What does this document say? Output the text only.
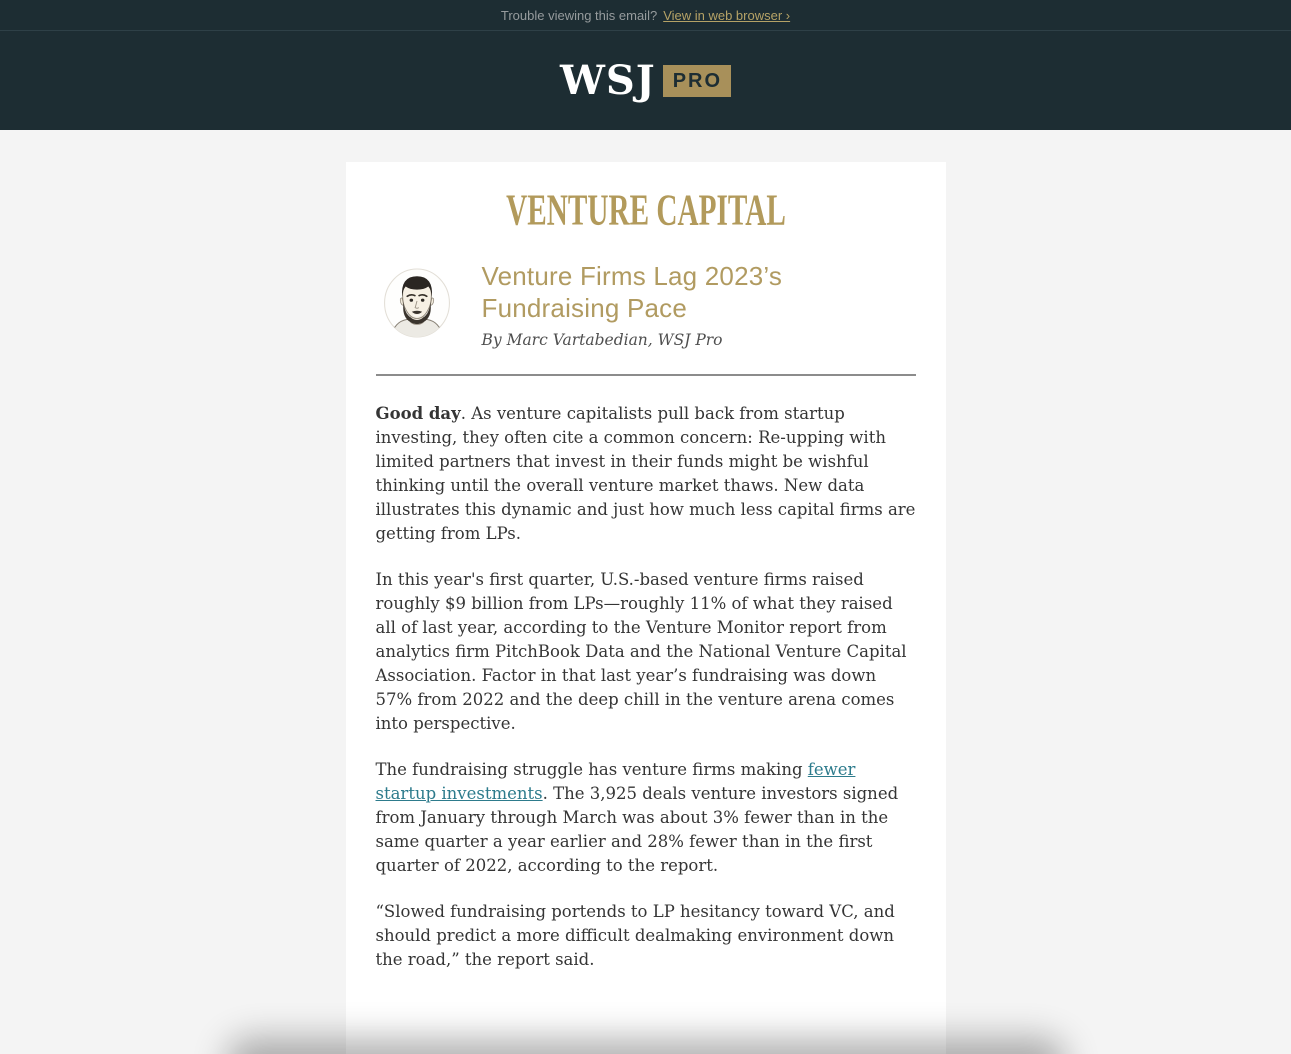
Trouble viewing this email? View in web browser ›
WSJ PRO
VENTURE CAPITAL
Venture Firms Lag 2023’s Fundraising Pace
By Marc Vartabedian, WSJ Pro

Good day. As venture capitalists pull back from startup investing, they often cite a common concern: Re-upping with limited partners that invest in their funds might be wishful thinking until the overall venture market thaws. New data illustrates this dynamic and just how much less capital firms are getting from LPs.

In this year's first quarter, U.S.-based venture firms raised roughly $9 billion from LPs—roughly 11% of what they raised all of last year, according to the Venture Monitor report from analytics firm PitchBook Data and the National Venture Capital Association. Factor in that last year’s fundraising was down 57% from 2022 and the deep chill in the venture arena comes into perspective.

The fundraising struggle has venture firms making fewer startup investments. The 3,925 deals venture investors signed from January through March was about 3% fewer than in the same quarter a year earlier and 28% fewer than in the first quarter of 2022, according to the report.

“Slowed fundraising portends to LP hesitancy toward VC, and should predict a more difficult dealmaking environment down the road,” the report said.
